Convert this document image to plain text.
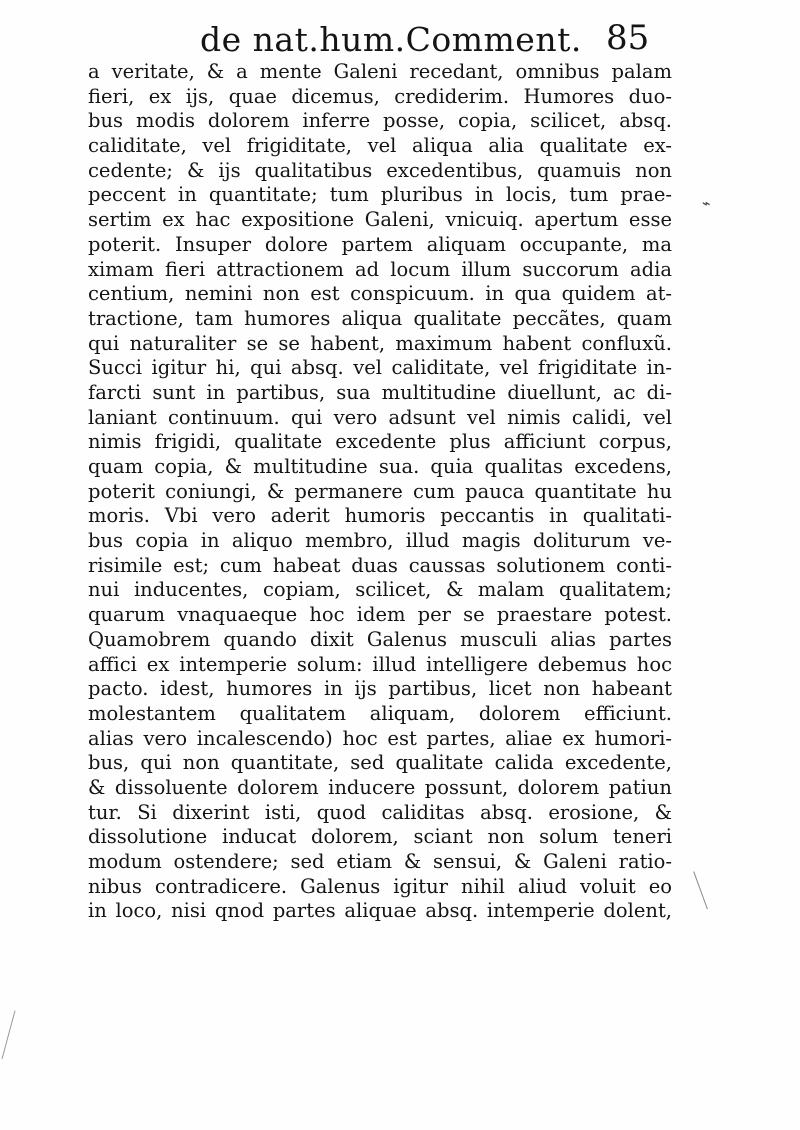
de nat.hum.Comment. 85
a veritate, & a mente Galeni recedant, omnibus palam
fieri, ex ijs, quae dicemus, crediderim. Humores duo-
bus modis dolorem inferre posse, copia, scilicet, absq.
caliditate, vel frigiditate, vel aliqua alia qualitate ex-
cedente; & ijs qualitatibus excedentibus, quamuis non
peccent in quantitate; tum pluribus in locis, tum prae-
sertim ex hac expositione Galeni, vnicuiq. apertum esse
poterit. Insuper dolore partem aliquam occupante, ma
ximam fieri attractionem ad locum illum succorum adia
centium, nemini non est conspicuum. in qua quidem at-
tractione, tam humores aliqua qualitate peccãtes, quam
qui naturaliter se se habent, maximum habent confluxũ.
Succi igitur hi, qui absq. vel caliditate, vel frigiditate in-
farcti sunt in partibus, sua multitudine diuellunt, ac di-
laniant continuum. qui vero adsunt vel nimis calidi, vel
nimis frigidi, qualitate excedente plus afficiunt corpus,
quam copia, & multitudine sua. quia qualitas excedens,
poterit coniungi, & permanere cum pauca quantitate hu
moris. Vbi vero aderit humoris peccantis in qualitati-
bus copia in aliquo membro, illud magis doliturum ve-
risimile est; cum habeat duas caussas solutionem conti-
nui inducentes, copiam, scilicet, & malam qualitatem;
quarum vnaquaeque hoc idem per se praestare potest.
Quamobrem quando dixit Galenus musculi alias partes
affici ex intemperie solum: illud intelligere debemus hoc
pacto. idest, humores in ijs partibus, licet non habeant
molestantem qualitatem aliquam, dolorem efficiunt.
alias vero incalescendo) hoc est partes, aliae ex humori-
bus, qui non quantitate, sed qualitate calida excedente,
& dissoluente dolorem inducere possunt, dolorem patiun
tur. Si dixerint isti, quod caliditas absq. erosione, &
dissolutione inducat dolorem, sciant non solum teneri
modum ostendere; sed etiam & sensui, & Galeni ratio-
nibus contradicere. Galenus igitur nihil aliud voluit eo
in loco, nisi qnod partes aliquae absq. intemperie dolent,
⌁
